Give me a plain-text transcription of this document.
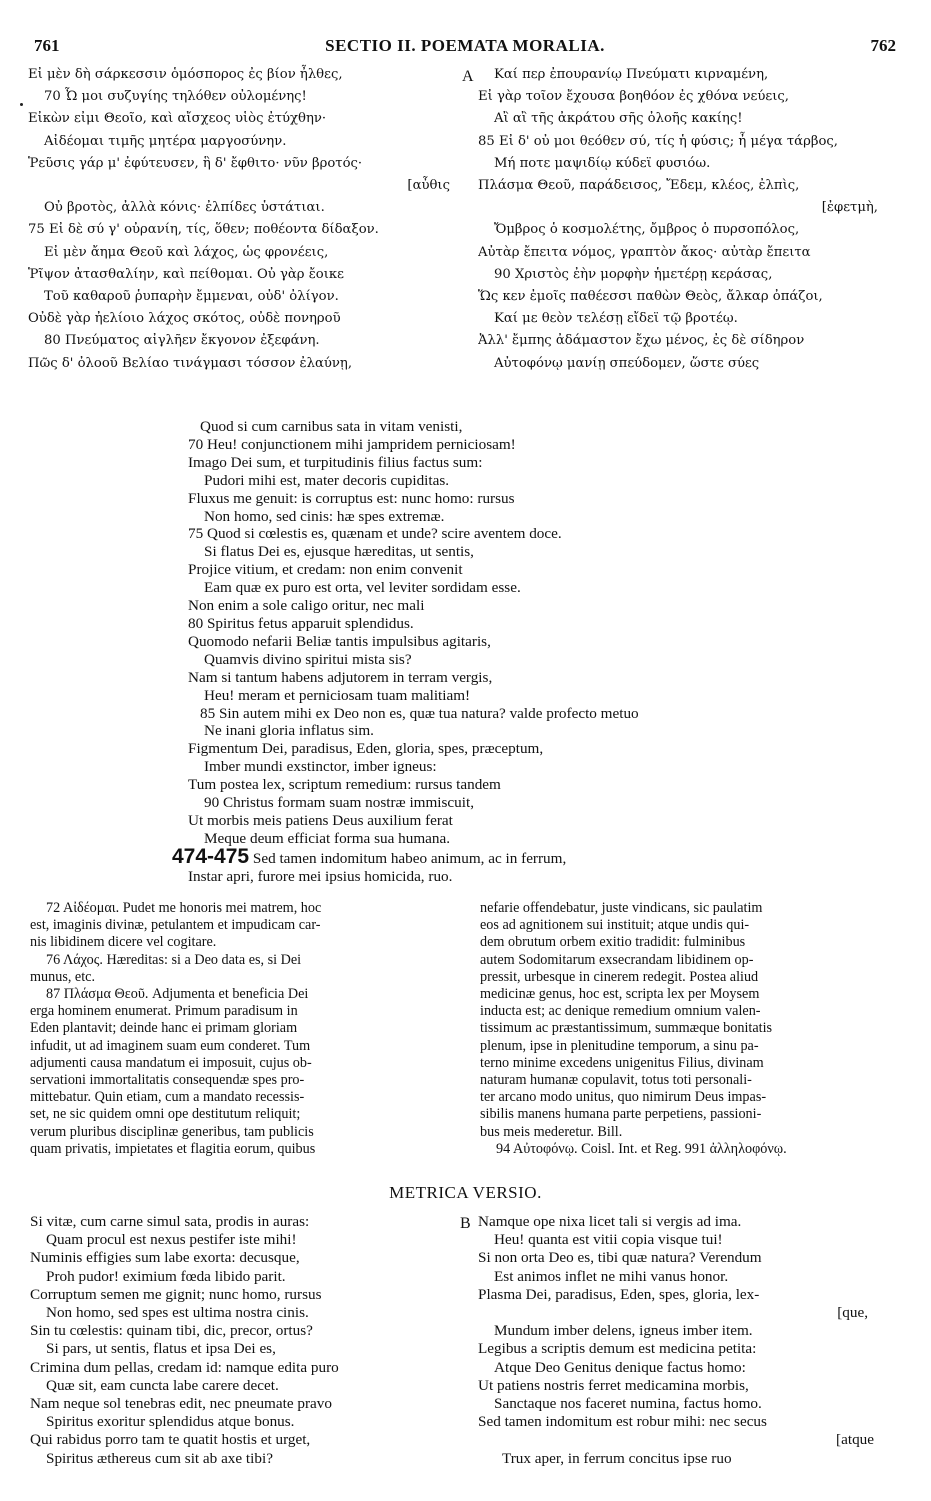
761	SECTIO II. POEMATA MORALIA.	762
Εἰ μὲν δὴ σάρκεσσιν ὁμόσπορος ἐς βίον ἦλθες,
70 Ὦ μοι συζυγίης τηλόθεν οὐλομένης!
Εἰκὼν εἰμι Θεοῖο, καὶ αἴσχεος υἱὸς ἐτύχθην·
Αἰδέομαι τιμῆς μητέρα μαργοσύνην.
Ῥεῦσις γάρ μ' ἐφύτευσεν, ἣ δ' ἔφθιτο· νῦν βροτός·
[αὖθις
Οὐ βροτὸς, ἀλλὰ κόνις· ἐλπίδες ὑστάτιαι.
75 Εἰ δὲ σύ γ' οὐρανίη, τίς, ὅθεν; ποθέοντα δίδαξον.
Εἰ μὲν ἄημα Θεοῦ καὶ λάχος, ὡς φρονέεις,
Ῥῖψον ἀτασθαλίην, καὶ πείθομαι. Οὐ γὰρ ἔοικε
Τοῦ καθαροῦ ῥυπαρὴν ἔμμεναι, οὐδ' ὀλίγον.
Οὐδὲ γὰρ ἠελίοιο λάχος σκότος, οὐδὲ πονηροῦ
80 Πνεύματος αἰγλῆεν ἔκγονον ἐξεφάνη.
Πῶς δ' ὀλοοῦ Βελίαο τινάγμασι τόσσον ἐλαύνῃ,
A	Καί περ ἐπουρανίῳ Πνεύματι κιρναμένη,
Εἰ γὰρ τοῖον ἔχουσα βοηθόον ἐς χθόνα νεύεις,
Αἲ αἲ τῆς ἀκράτου σῆς ὀλοῆς κακίης!
85 Εἰ δ' οὐ μοι θεόθεν σύ, τίς ἡ φύσις; ἦ μέγα τάρβος,
Μή ποτε μαψιδίῳ κύδεϊ φυσιόω.
Πλάσμα Θεοῦ, παράδεισος, Ἔδεμ, κλέος, ἐλπὶς,
[ἐφετμὴ,
Ὄμβρος ὁ κοσμολέτης, ὄμβρος ὁ πυρσοπόλος,
Αὐτὰρ ἔπειτα νόμος, γραπτὸν ἄκος· αὐτὰρ ἔπειτα
90 Χριστὸς ἐὴν μορφὴν ἡμετέρῃ κεράσας,
Ὥς κεν ἐμοῖς παθέεσσι παθὼν Θεὸς, ἄλκαρ ὀπάζοι,
Καί με θεὸν τελέσῃ εἴδεϊ τῷ βροτέῳ.
Ἀλλ' ἔμπης ἀδάμαστον ἔχω μένος, ἐς δὲ σίδηρον
Αὐτοφόνῳ μανίῃ σπεύδομεν, ὥστε σύες
Quod si cum carnibus sata in vitam venisti,
70 Heu! conjunctionem mihi jampridem perniciosam!
Imago Dei sum, et turpitudinis filius factus sum:
Pudori mihi est, mater decoris cupiditas.
Fluxus me genuit: is corruptus est: nunc homo: rursus
Non homo, sed cinis: hæ spes extremæ.
75 Quod si cœlestis es, quænam et unde? scire aventem doce.
Si flatus Dei es, ejusque hæreditas, ut sentis,
Projice vitium, et credam: non enim convenit
Eam quæ ex puro est orta, vel leviter sordidam esse.
Non enim a sole caligo oritur, nec mali
80 Spiritus fetus apparuit splendidus.
Quomodo nefarii Beliæ tantis impulsibus agitaris,
Quamvis divino spiritui mista sis?
Nam si tantum habens adjutorem in terram vergis,
Heu! meram et perniciosam tuam malitiam!
85 Sin autem mihi ex Deo non es, quæ tua natura? valde profecto metuo
Ne inani gloria inflatus sim.
Figmentum Dei, paradisus, Eden, gloria, spes, præceptum,
Imber mundi exstinctor, imber igneus:
Tum postea lex, scriptum remedium: rursus tandem
90 Christus formam suam nostræ immiscuit,
Ut morbis meis patiens Deus auxilium ferat
Meque deum efficiat forma sua humana.
474-475 Sed tamen indomitum habeo animum, ac in ferrum,
Instar apri, furore mei ipsius homicida, ruo.
72 Αἰδέομαι. Pudet me honoris mei matrem, hoc
est, imaginis divinæ, petulantem et impudicam car-
nis libidinem dicere vel cogitare.
76 Λάχος. Hæreditas: si a Deo data es, si Dei
munus, etc.
87 Πλάσμα Θεοῦ. Adjumenta et beneficia Dei
erga hominem enumerat. Primum paradisum in
Eden plantavit; deinde hanc ei primam gloriam
infudit, ut ad imaginem suam eum conderet. Tum
adjumenti causa mandatum ei imposuit, cujus ob-
servationi immortalitatis consequendæ spes pro-
mittebatur. Quin etiam, cum a mandato recessis-
set, ne sic quidem omni ope destitutum reliquit;
verum pluribus disciplinæ generibus, tam publicis
quam privatis, impietates et flagitia eorum, quibus
nefarie offendebatur, juste vindicans, sic paulatim
eos ad agnitionem sui instituit; atque undis qui-
dem obrutum orbem exitio tradidit: fulminibus
autem Sodomitarum exsecrandam libidinem op-
pressit, urbesque in cinerem redegit. Postea aliud
medicinæ genus, hoc est, scripta lex per Moysem
inducta est; ac denique remedium omnium valen-
tissimum ac præstantissimum, summæque bonitatis
plenum, ipse in plenitudine temporum, a sinu pa-
terno minime excedens unigenitus Filius, divinam
naturam humanæ copulavit, totus toti personali-
ter arcano modo unitus, quo nimirum Deus impas-
sibilis manens humana parte perpetiens, passioni-
bus meis mederetur. Bill.
94 Αὐτοφόνῳ. Coisl. Int. et Reg. 991 ἀλληλοφόνῳ.
METRICA VERSIO.
Si vitæ, cum carne simul sata, prodis in auras:
Quam procul est nexus pestifer iste mihi!
Numinis effigies sum labe exorta: decusque,
Proh pudor! eximium fœda libido parit.
Corruptum semen me gignit; nunc homo, rursus
Non homo, sed spes est ultima nostra cinis.
Sin tu cœlestis: quinam tibi, dic, precor, ortus?
Si pars, ut sentis, flatus et ipsa Dei es,
Crimina dum pellas, credam id: namque edita puro
Quæ sit, eam cuncta labe carere decet.
Nam neque sol tenebras edit, nec pneumate pravo
Spiritus exoritur splendidus atque bonus.
Qui rabidus porro tam te quatit hostis et urget,
Spiritus æthereus cum sit ab axe tibi?
B Namque ope nixa licet tali si vergis ad ima.
Heu! quanta est vitii copia visque tui!
Si non orta Deo es, tibi quæ natura? Verendum
Est animos inflet ne mihi vanus honor.
Plasma Dei, paradisus, Eden, spes, gloria, lex-
[que,
Mundum imber delens, igneus imber item.
Legibus a scriptis demum est medicina petita:
Atque Deo Genitus denique factus homo:
Ut patiens nostris ferret medicamina morbis,
Sanctaque nos faceret numina, factus homo.
Sed tamen indomitum est robur mihi: nec secus
[atque
Trux aper, in ferrum concitus ipse ruo
